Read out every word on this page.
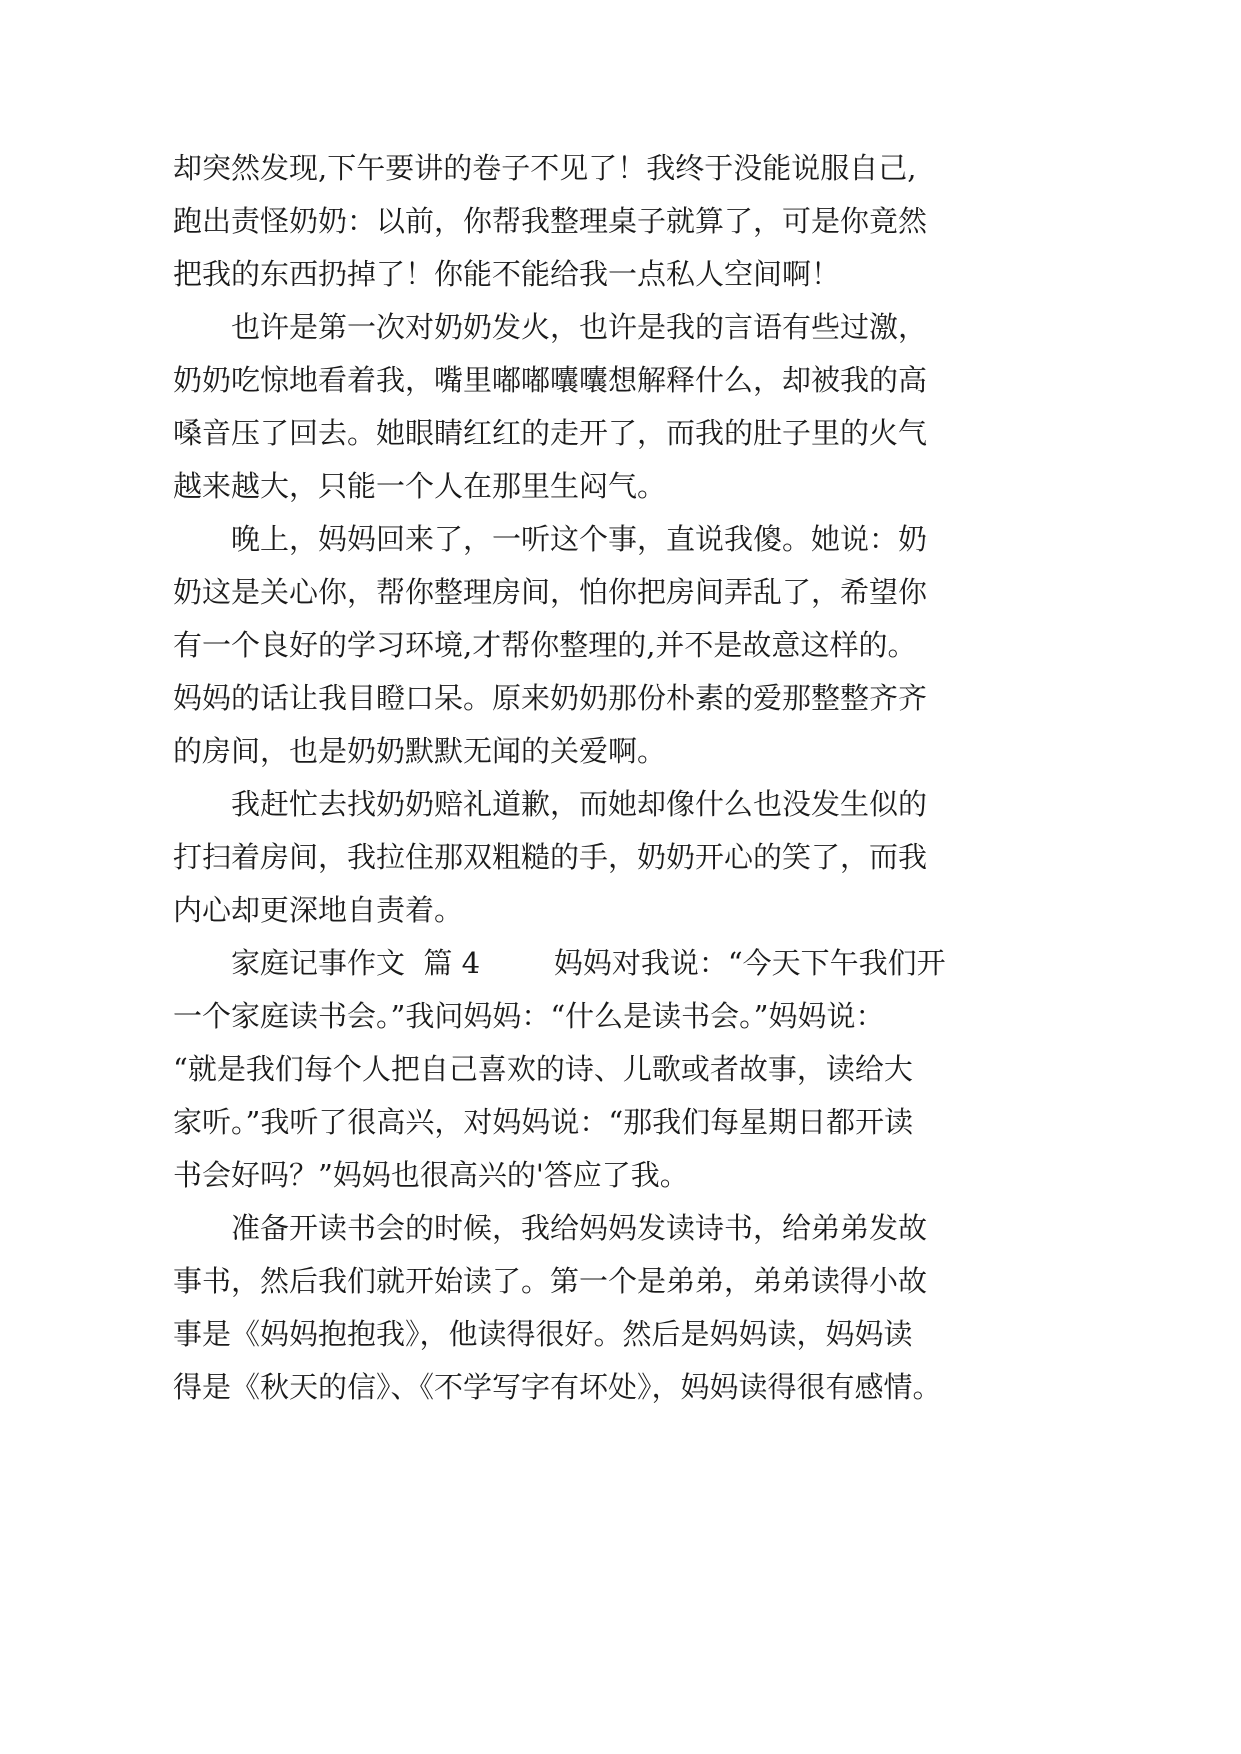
却突然发现,下午要讲的卷子不见了！我终于没能说服自己,
跑出责怪奶奶：以前，你帮我整理桌子就算了，可是你竟然
把我的东西扔掉了！你能不能给我一点私人空间啊！
也许是第一次对奶奶发火，也许是我的言语有些过激，
奶奶吃惊地看着我，嘴里嘟嘟囔囔想解释什么，却被我的高
嗓音压了回去。她眼睛红红的走开了，而我的肚子里的火气
越来越大，只能一个人在那里生闷气。
晚上，妈妈回来了，一听这个事，直说我傻。她说：奶
奶这是关心你，帮你整理房间，怕你把房间弄乱了，希望你
有一个良好的学习环境,才帮你整理的,并不是故意这样的。
妈妈的话让我目瞪口呆。原来奶奶那份朴素的爱那整整齐齐
的房间，也是奶奶默默无闻的关爱啊。
我赶忙去找奶奶赔礼道歉，而她却像什么也没发生似的
打扫着房间，我拉住那双粗糙的手，奶奶开心的笑了，而我
内心却更深地自责着。
家庭记事作文  篇 4        妈妈对我说：“今天下午我们开
一个家庭读书会。”我问妈妈：“什么是读书会。”妈妈说：
“就是我们每个人把自己喜欢的诗、儿歌或者故事，读给大
家听。”我听了很高兴，对妈妈说：“那我们每星期日都开读
书会好吗？”妈妈也很高兴的'答应了我。
准备开读书会的时候，我给妈妈发读诗书，给弟弟发故
事书，然后我们就开始读了。第一个是弟弟，弟弟读得小故
事是《妈妈抱抱我》，他读得很好。然后是妈妈读，妈妈读
得是《秋天的信》、《不学写字有坏处》，妈妈读得很有感情。
